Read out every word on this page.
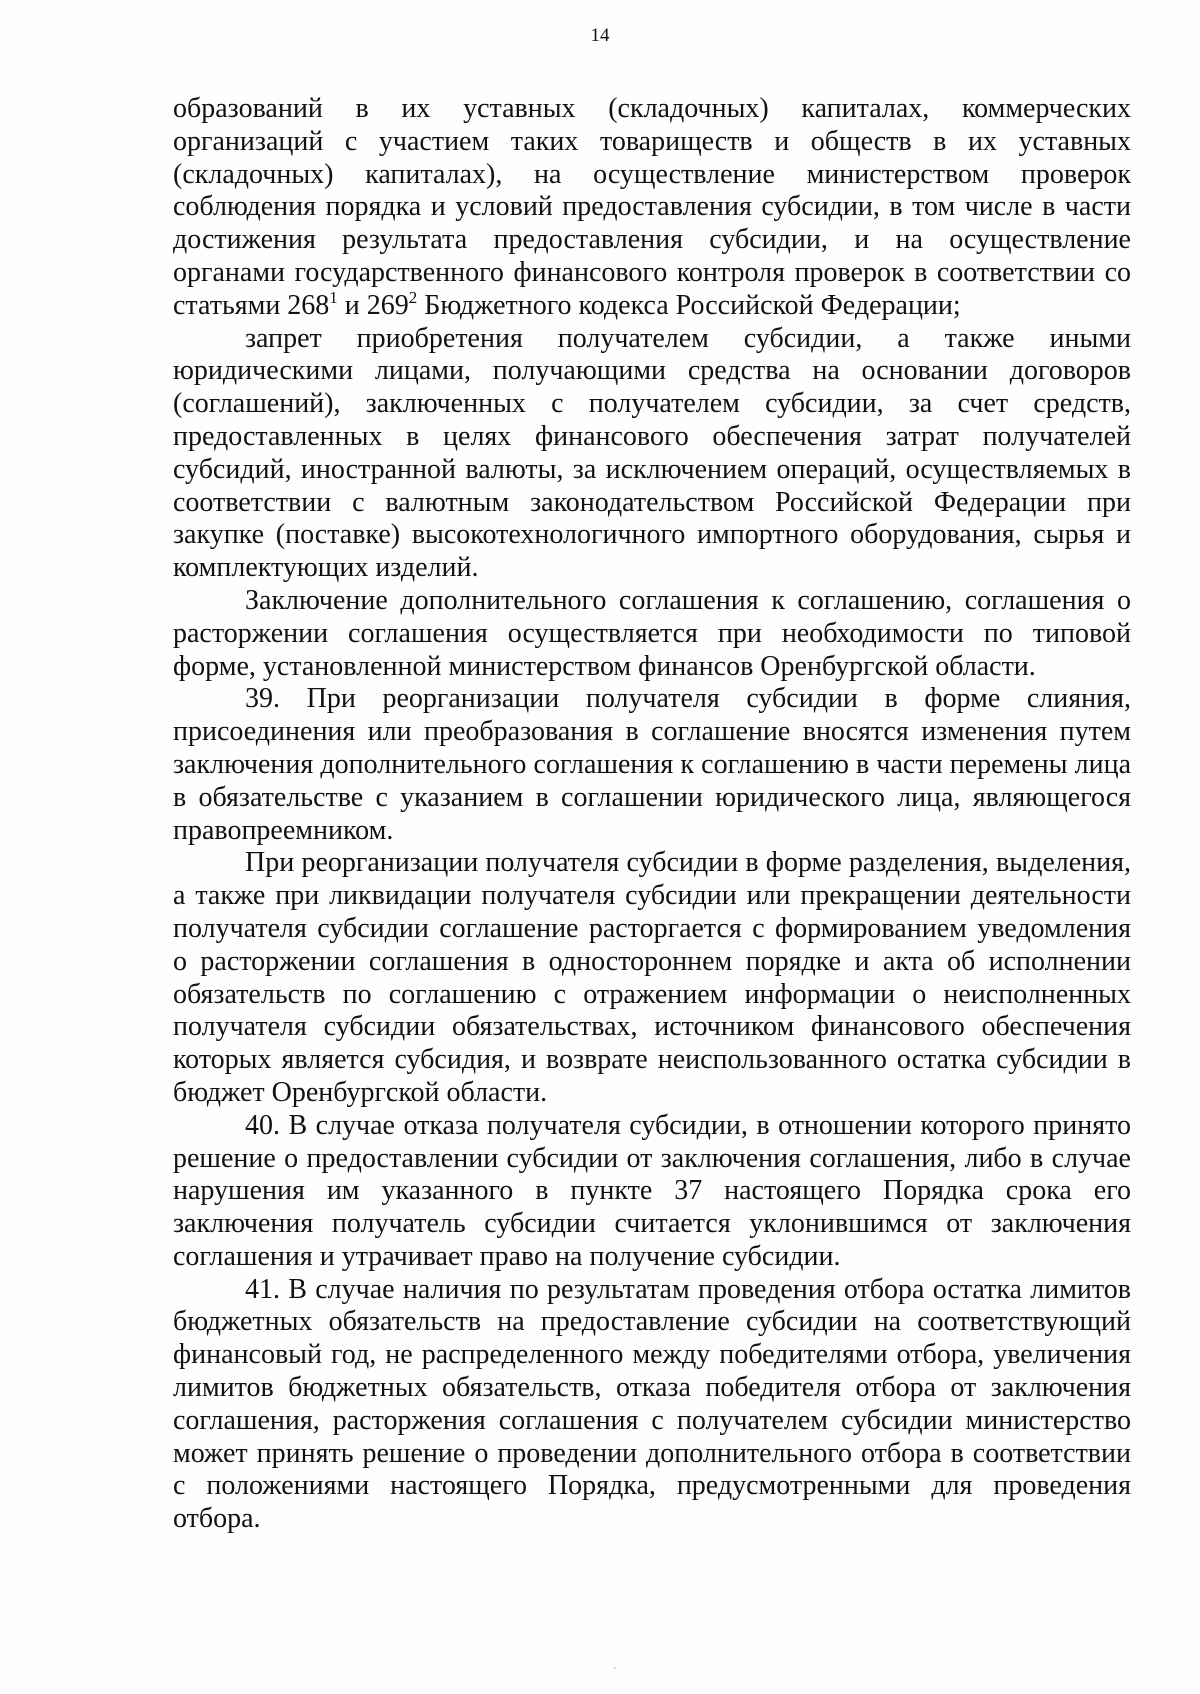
14

образований в их уставных (складочных) капиталах, коммерческих организаций с участием таких товариществ и обществ в их уставных (складочных) капиталах), на осуществление министерством проверок соблюдения порядка и условий предоставления субсидии, в том числе в части достижения результата предоставления субсидии, и на осуществление органами государственного финансового контроля проверок в соответствии со статьями $268^1$ и $269^2$ Бюджетного кодекса Российской Федерации;

запрет приобретения получателем субсидии, а также иными юридическими лицами, получающими средства на основании договоров (соглашений), заключенных с получателем субсидии, за счет средств, предоставленных в целях финансового обеспечения затрат получателей субсидий, иностранной валюты, за исключением операций, осуществляемых в соответствии с валютным законодательством Российской Федерации при закупке (поставке) высокотехнологичного импортного оборудования, сырья и комплектующих изделий.

Заключение дополнительного соглашения к соглашению, соглашения о расторжении соглашения осуществляется при необходимости по типовой форме, установленной министерством финансов Оренбургской области.

39. При реорганизации получателя субсидии в форме слияния, присоединения или преобразования в соглашение вносятся изменения путем заключения дополнительного соглашения к соглашению в части перемены лица в обязательстве с указанием в соглашении юридического лица, являющегося правопреемником.

При реорганизации получателя субсидии в форме разделения, выделения, а также при ликвидации получателя субсидии или прекращении деятельности получателя субсидии соглашение расторгается с формированием уведомления о расторжении соглашения в одностороннем порядке и акта об исполнении обязательств по соглашению с отражением информации о неисполненных получателя субсидии обязательствах, источником финансового обеспечения которых является субсидия, и возврате неиспользованного остатка субсидии в бюджет Оренбургской области.

40. В случае отказа получателя субсидии, в отношении которого принято решение о предоставлении субсидии от заключения соглашения, либо в случае нарушения им указанного в пункте 37 настоящего Порядка срока его заключения получатель субсидии считается уклонившимся от заключения соглашения и утрачивает право на получение субсидии.

41. В случае наличия по результатам проведения отбора остатка лимитов бюджетных обязательств на предоставление субсидии на соответствующий финансовый год, не распределенного между победителями отбора, увеличения лимитов бюджетных обязательств, отказа победителя отбора от заключения соглашения, расторжения соглашения с получателем субсидии министерство может принять решение о проведении дополнительного отбора в соответствии с положениями настоящего Порядка, предусмотренными для проведения отбора.
